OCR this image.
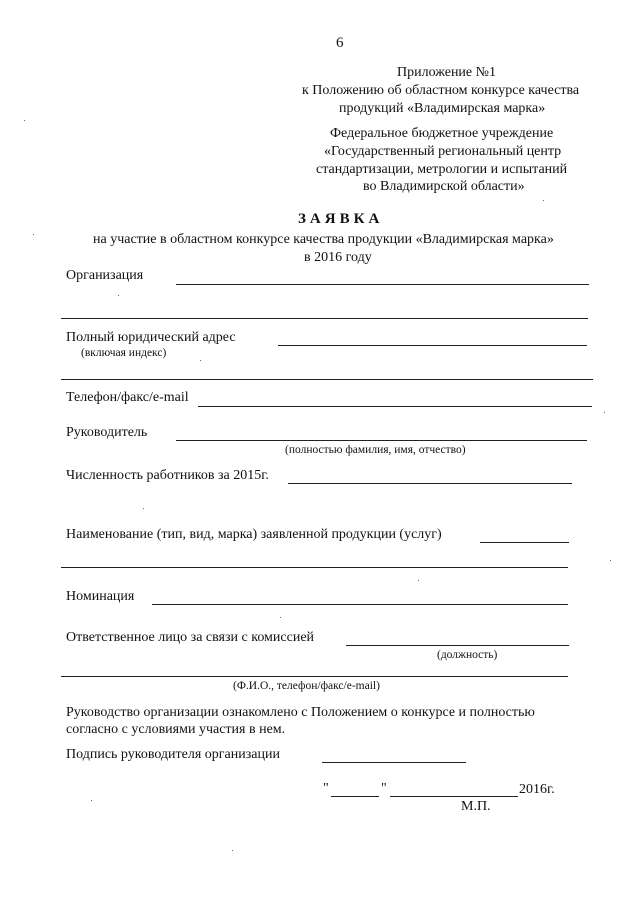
6
Приложение №1
к Положению об областном конкурсе качества
продукций «Владимирская марка»
Федеральное бюджетное учреждение
«Государственный региональный центр
стандартизации, метрологии и испытаний
во Владимирской области»
ЗАЯВКА
на участие в областном конкурсе качества продукции «Владимирская марка»
в 2016 году
Организация
Полный юридический адрес
(включая индекс)
Телефон/факс/e-mail
Руководитель
(полностью фамилия, имя, отчество)
Численность работников за 2015г.
Наименование (тип, вид, марка) заявленной продукции (услуг)
Номинация
Ответственное лицо за связи с комиссией
(должность)
(Ф.И.О., телефон/факс/e-mail)
Руководство организации ознакомлено с Положением о конкурсе и полностью
согласно с условиями участия в нем.
Подпись руководителя организации
"	"	2016г.
М.П.
